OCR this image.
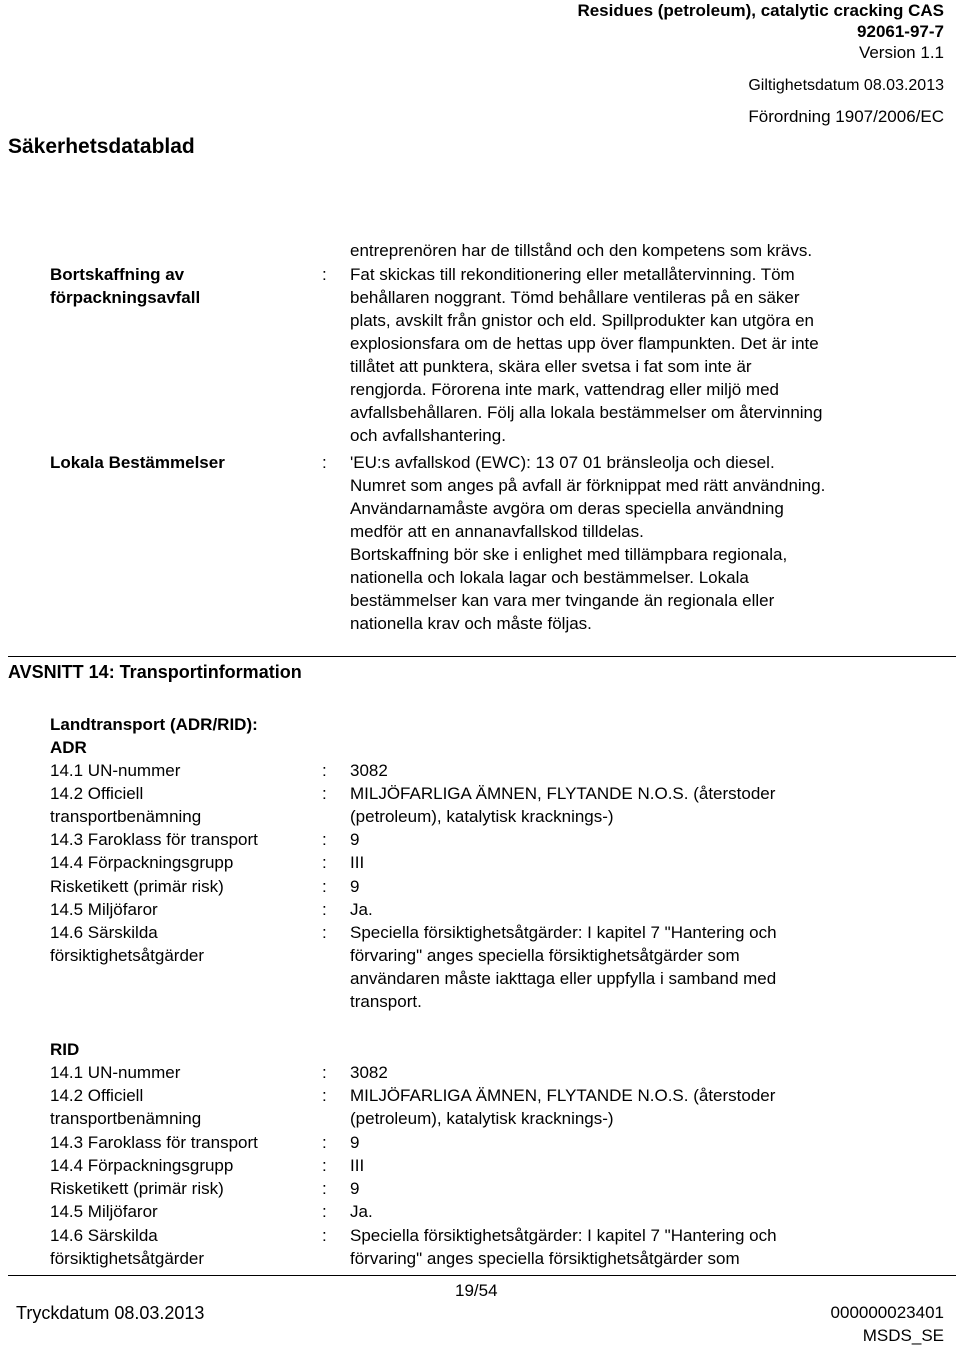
Residues (petroleum), catalytic cracking CAS
92061-97-7
Version 1.1
Giltighetsdatum 08.03.2013
Förordning 1907/2006/EC
Säkerhetsdatablad
entreprenören har de tillstånd och den kompetens som krävs.
Bortskaffning av
förpackningsavfall
: Fat skickas till rekonditionering eller metallåtervinning. Töm
behållaren noggrant. Tömd behållare ventileras på en säker
plats, avskilt från gnistor och eld. Spillprodukter kan utgöra en
explosionsfara om de hettas upp över flampunkten. Det är inte
tillåtet att punktera, skära eller svetsa i fat som inte är
rengjorda. Förorena inte mark, vattendrag eller miljö med
avfallsbehållaren. Följ alla lokala bestämmelser om återvinning
och avfallshantering.
Lokala Bestämmelser	: 'EU:s avfallskod (EWC): 13 07 01 bränsleolja och diesel.
Numret som anges på avfall är förknippat med rätt användning.
Användarnamåste avgöra om deras speciella användning
medför att en annanavfallskod tilldelas.
Bortskaffning bör ske i enlighet med tillämpbara regionala,
nationella och lokala lagar och bestämmelser. Lokala
bestämmelser kan vara mer tvingande än regionala eller
nationella krav och måste följas.
AVSNITT 14: Transportinformation
Landtransport (ADR/RID):
ADR
14.1 UN-nummer	: 3082
14.2 Officiell
transportbenämning
: MILJÖFARLIGA ÄMNEN, FLYTANDE N.O.S. (återstoder
(petroleum), katalytisk kracknings-)
14.3 Faroklass för transport	: 9
14.4 Förpackningsgrupp	: III
Risketikett (primär risk)	: 9
14.5 Miljöfaror	: Ja.
14.6 Särskilda
försiktighetsåtgärder
: Speciella försiktighetsåtgärder: I kapitel 7 "Hantering och
förvaring" anges speciella försiktighetsåtgärder som
användaren måste iakttaga eller uppfylla i samband med
transport.
RID
14.1 UN-nummer	: 3082
14.2 Officiell
transportbenämning
: MILJÖFARLIGA ÄMNEN, FLYTANDE N.O.S. (återstoder
(petroleum), katalytisk kracknings-)
14.3 Faroklass för transport	: 9
14.4 Förpackningsgrupp	: III
Risketikett (primär risk)	: 9
14.5 Miljöfaror	: Ja.
14.6 Särskilda
försiktighetsåtgärder
: Speciella försiktighetsåtgärder: I kapitel 7 "Hantering och
förvaring" anges speciella försiktighetsåtgärder som
19/54
Tryckdatum 08.03.2013	000000023401
MSDS_SE
